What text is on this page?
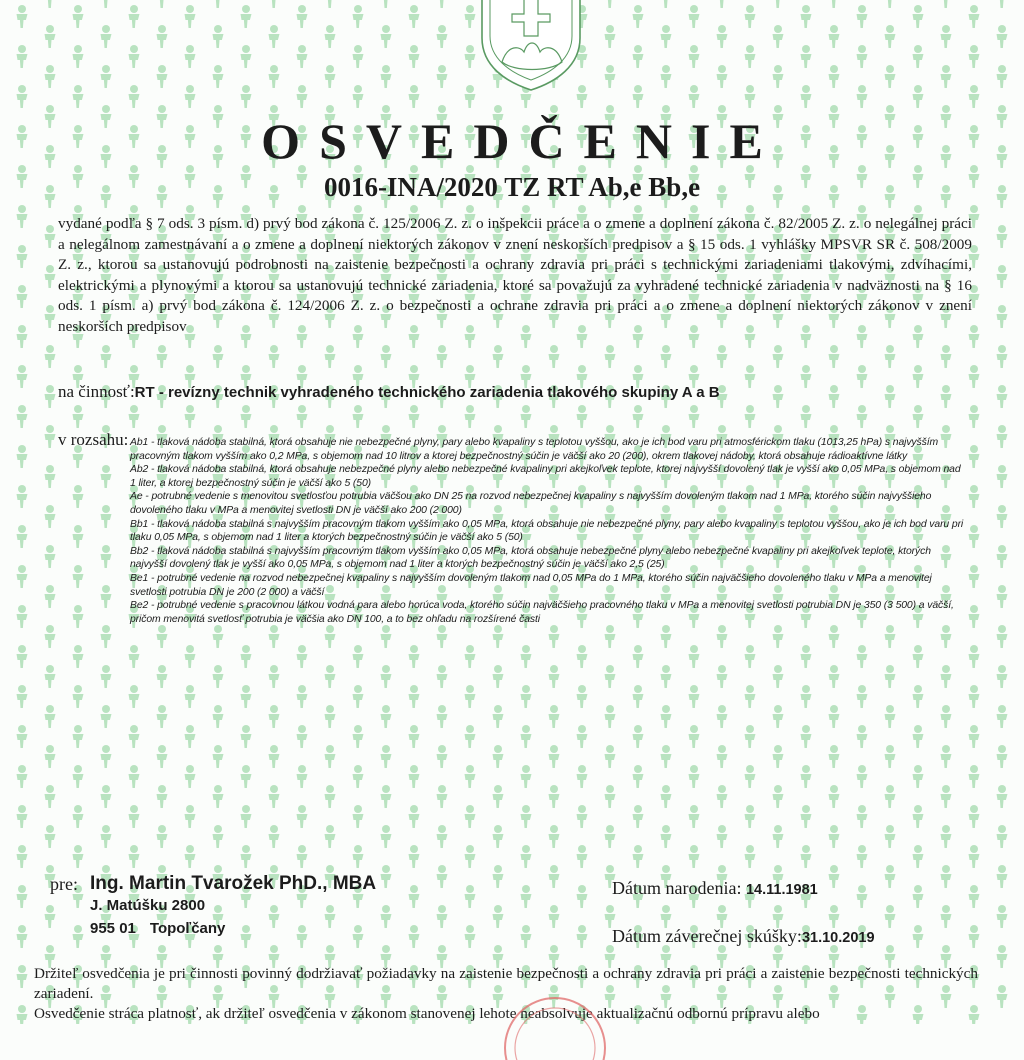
OSVEDČENIE
0016-INA/2020 TZ RT Ab,e Bb,e
vydané podľa § 7 ods. 3 písm. d) prvý bod zákona č. 125/2006 Z. z. o inšpekcii práce a o zmene a doplnení zákona č. 82/2005 Z. z. o nelegálnej práci a nelegálnom zamestnávaní a o zmene a doplnení niektorých zákonov v znení neskorších predpisov a § 15 ods. 1 vyhlášky MPSVR SR č. 508/2009 Z. z., ktorou sa ustanovujú podrobnosti na zaistenie bezpečnosti a ochrany zdravia pri práci s technickými zariadeniami tlakovými, zdvíhacími, elektrickými a plynovými a ktorou sa ustanovujú technické zariadenia, ktoré sa považujú za vyhradené technické zariadenia v nadväznosti na § 16 ods. 1 písm. a) prvý bod zákona č. 124/2006 Z. z. o bezpečnosti a ochrane zdravia pri práci a o zmene a doplnení niektorých zákonov v znení neskorších predpisov
na činnosť:RT - revízny technik vyhradeného technického zariadenia tlakového skupiny A a B
v rozsahu: Ab1 - tlaková nádoba stabilná, ktorá obsahuje nie nebezpečné plyny, pary alebo kvapaliny s teplotou vyššou, ako je ich bod varu pri atmosférickom tlaku (1013,25 hPa) s najvyšším pracovným tlakom vyšším ako 0,2 MPa, s objemom nad 10 litrov a ktorej bezpečnostný súčin je väčší ako 20 (200), okrem tlakovej nádoby, ktorá obsahuje rádioaktívne látky

Ab2 - tlaková nádoba stabilná, ktorá obsahuje nebezpečné plyny alebo nebezpečné kvapaliny pri akejkoľvek teplote, ktorej najvyšší dovolený tlak je vyšší ako 0,05 MPa, s objemom nad 1 liter, a ktorej bezpečnostný súčin je väčší ako 5 (50)

Ae - potrubné vedenie s menovitou svetlosťou potrubia väčšou ako DN 25 na rozvod nebezpečnej kvapaliny s najvyšším dovoleným tlakom nad 1 MPa, ktorého súčin najvyššieho dovoleného tlaku v MPa a menovitej svetlosti DN je väčší ako 200 (2 000)

Bb1 - tlaková nádoba stabilná s najvyšším pracovným tlakom vyšším ako 0,05 MPa, ktorá obsahuje nie nebezpečné plyny, pary alebo kvapaliny s teplotou vyššou, ako je ich bod varu pri tlaku 0,05 MPa, s objemom nad 1 liter a ktorých bezpečnostný súčin je väčší ako 5 (50)

Bb2 - tlaková nádoba stabilná s najvyšším pracovným tlakom vyšším ako 0,05 MPa, ktorá obsahuje nebezpečné plyny alebo nebezpečné kvapaliny pri akejkoľvek teplote, ktorých najvyšší dovolený tlak je vyšší ako 0,05 MPa, s objemom nad 1 liter a ktorých bezpečnostný súčin je väčší ako 2,5 (25)

Be1 - potrubné vedenie na rozvod nebezpečnej kvapaliny s najvyšším dovoleným tlakom nad 0,05 MPa do 1 MPa, ktorého súčin najväčšieho dovoleného tlaku v MPa a menovitej svetlosti potrubia DN je 200 (2 000) a väčší

Be2 - potrubné vedenie s pracovnou látkou vodná para alebo horúca voda, ktorého súčin najväčšieho pracovného tlaku v MPa a menovitej svetlosti potrubia DN je 350 (3 500) a väčší, pričom menovitá svetlosť potrubia je väčšia ako DN 100, a to bez ohľadu na rozšírené časti

pre: Ing. Martin Tvarožek PhD., MBA
J. Matúšku 2800
955 01 Topoľčany
Dátum narodenia: 14.11.1981
Dátum záverečnej skúšky:31.10.2019

Držiteľ osvedčenia je pri činnosti povinný dodržiavať požiadavky na zaistenie bezpečnosti a ochrany zdravia pri práci a zaistenie bezpečnosti technických zariadení.

Osvedčenie stráca platnosť, ak držiteľ osvedčenia v zákonom stanovenej lehote neabsolvuje aktualizačnú odbornú prípravu alebo
